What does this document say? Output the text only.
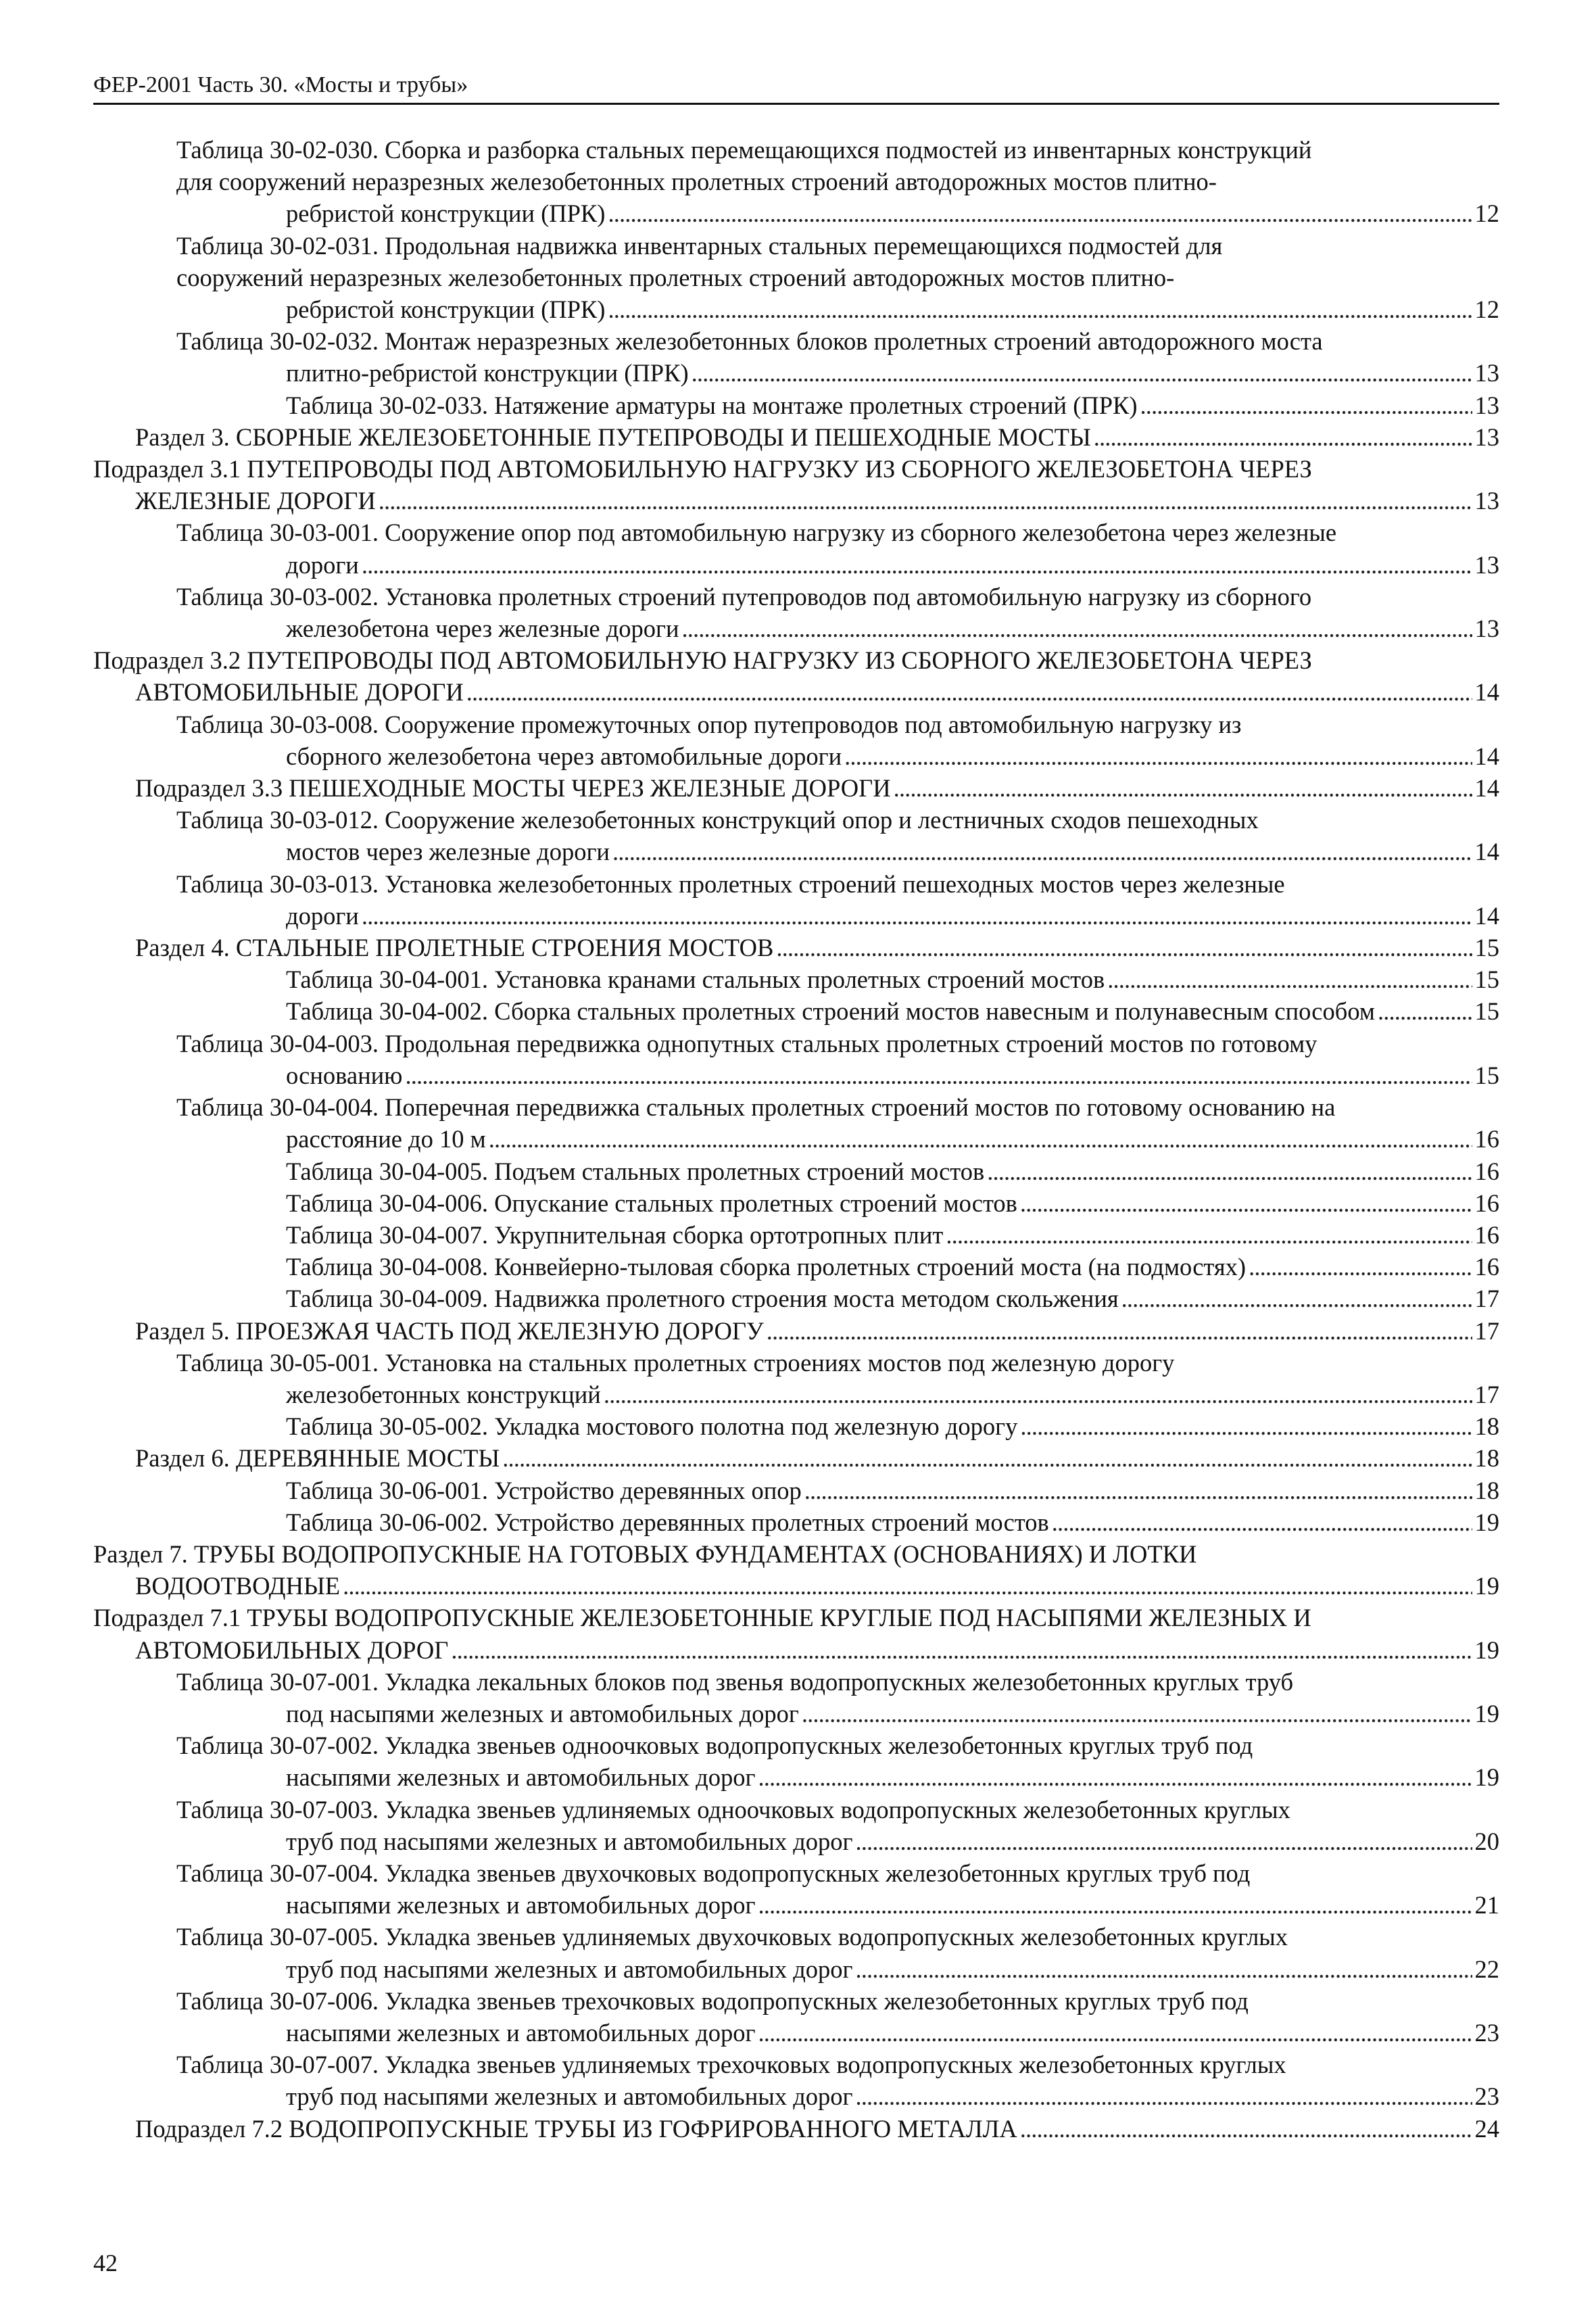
ФЕР-2001 Часть 30. «Мосты и трубы»
Таблица 30-02-030. Сборка и разборка стальных перемещающихся подмостей из инвентарных конструкций
для сооружений неразрезных железобетонных пролетных строений автодорожных мостов плитно-
ребристой конструкции (ПРК) . . .	12
Таблица 30-02-031. Продольная надвижка инвентарных стальных перемещающихся подмостей для
сооружений неразрезных железобетонных пролетных строений автодорожных мостов плитно-
ребристой конструкции (ПРК) . . .	12
Таблица 30-02-032. Монтаж неразрезных железобетонных блоков пролетных строений автодорожного моста
плитно-ребристой конструкции (ПРК) . . .	13
Таблица 30-02-033. Натяжение арматуры на монтаже пролетных строений (ПРК) . . .	13
Раздел 3. СБОРНЫЕ ЖЕЛЕЗОБЕТОННЫЕ ПУТЕПРОВОДЫ И ПЕШЕХОДНЫЕ МОСТЫ . . .	13
Подраздел 3.1 ПУТЕПРОВОДЫ ПОД АВТОМОБИЛЬНУЮ НАГРУЗКУ ИЗ СБОРНОГО ЖЕЛЕЗОБЕТОНА ЧЕРЕЗ
ЖЕЛЕЗНЫЕ ДОРОГИ . . .	13
Таблица 30-03-001. Сооружение опор под автомобильную нагрузку из сборного железобетона через железные
дороги . . .	13
Таблица 30-03-002. Установка пролетных строений путепроводов под автомобильную нагрузку из сборного
железобетона через железные дороги . . .	13
Подраздел 3.2 ПУТЕПРОВОДЫ ПОД АВТОМОБИЛЬНУЮ НАГРУЗКУ ИЗ СБОРНОГО ЖЕЛЕЗОБЕТОНА ЧЕРЕЗ
АВТОМОБИЛЬНЫЕ ДОРОГИ . . .	14
Таблица 30-03-008. Сооружение промежуточных опор путепроводов под автомобильную нагрузку из
сборного железобетона через автомобильные дороги . . .	14
Подраздел 3.3 ПЕШЕХОДНЫЕ МОСТЫ ЧЕРЕЗ ЖЕЛЕЗНЫЕ ДОРОГИ . . .	14
Таблица 30-03-012. Сооружение железобетонных конструкций опор и лестничных сходов пешеходных
мостов через железные дороги . . .	14
Таблица 30-03-013. Установка железобетонных пролетных строений пешеходных мостов через железные
дороги . . .	14
Раздел 4. СТАЛЬНЫЕ ПРОЛЕТНЫЕ СТРОЕНИЯ МОСТОВ . . .	15
Таблица 30-04-001. Установка кранами стальных пролетных строений мостов . . .	15
Таблица 30-04-002. Сборка стальных пролетных строений мостов навесным и полунавесным способом . . .	15
Таблица 30-04-003. Продольная передвижка однопутных стальных пролетных строений мостов по готовому
основанию . . .	15
Таблица 30-04-004. Поперечная передвижка стальных пролетных строений мостов по готовому основанию на
расстояние до 10 м . . .	16
Таблица 30-04-005. Подъем стальных пролетных строений мостов . . .	16
Таблица 30-04-006. Опускание стальных пролетных строений мостов . . .	16
Таблица 30-04-007. Укрупнительная сборка ортотропных плит . . .	16
Таблица 30-04-008. Конвейерно-тыловая сборка пролетных строений моста (на подмостях) . . .	16
Таблица 30-04-009. Надвижка пролетного строения моста методом скольжения . . .	17
Раздел 5. ПРОЕЗЖАЯ ЧАСТЬ ПОД ЖЕЛЕЗНУЮ ДОРОГУ . . .	17
Таблица 30-05-001. Установка на стальных пролетных строениях мостов под железную дорогу
железобетонных конструкций . . .	17
Таблица 30-05-002. Укладка мостового полотна под железную дорогу . . .	18
Раздел 6. ДЕРЕВЯННЫЕ МОСТЫ . . .	18
Таблица 30-06-001. Устройство деревянных опор . . .	18
Таблица 30-06-002. Устройство деревянных пролетных строений мостов . . .	19
Раздел 7. ТРУБЫ ВОДОПРОПУСКНЫЕ НА ГОТОВЫХ ФУНДАМЕНТАХ (ОСНОВАНИЯХ) И ЛОТКИ
ВОДООТВОДНЫЕ . . .	19
Подраздел 7.1 ТРУБЫ ВОДОПРОПУСКНЫЕ ЖЕЛЕЗОБЕТОННЫЕ КРУГЛЫЕ ПОД НАСЫПЯМИ ЖЕЛЕЗНЫХ И
АВТОМОБИЛЬНЫХ ДОРОГ . . .	19
Таблица 30-07-001. Укладка лекальных блоков под звенья водопропускных железобетонных круглых труб
под насыпями железных и автомобильных дорог . . .	19
Таблица 30-07-002. Укладка звеньев одноочковых водопропускных железобетонных круглых труб под
насыпями железных и автомобильных дорог . . .	19
Таблица 30-07-003. Укладка звеньев удлиняемых одноочковых водопропускных железобетонных круглых
труб под насыпями железных и автомобильных дорог . . .	20
Таблица 30-07-004. Укладка звеньев двухочковых водопропускных железобетонных круглых труб под
насыпями железных и автомобильных дорог . . .	21
Таблица 30-07-005. Укладка звеньев удлиняемых двухочковых водопропускных железобетонных круглых
труб под насыпями железных и автомобильных дорог . . .	22
Таблица 30-07-006. Укладка звеньев трехочковых водопропускных железобетонных круглых труб под
насыпями железных и автомобильных дорог . . .	23
Таблица 30-07-007. Укладка звеньев удлиняемых трехочковых водопропускных железобетонных круглых
труб под насыпями железных и автомобильных дорог . . .	23
Подраздел 7.2 ВОДОПРОПУСКНЫЕ ТРУБЫ ИЗ ГОФРИРОВАННОГО МЕТАЛЛА . . .	24
42
